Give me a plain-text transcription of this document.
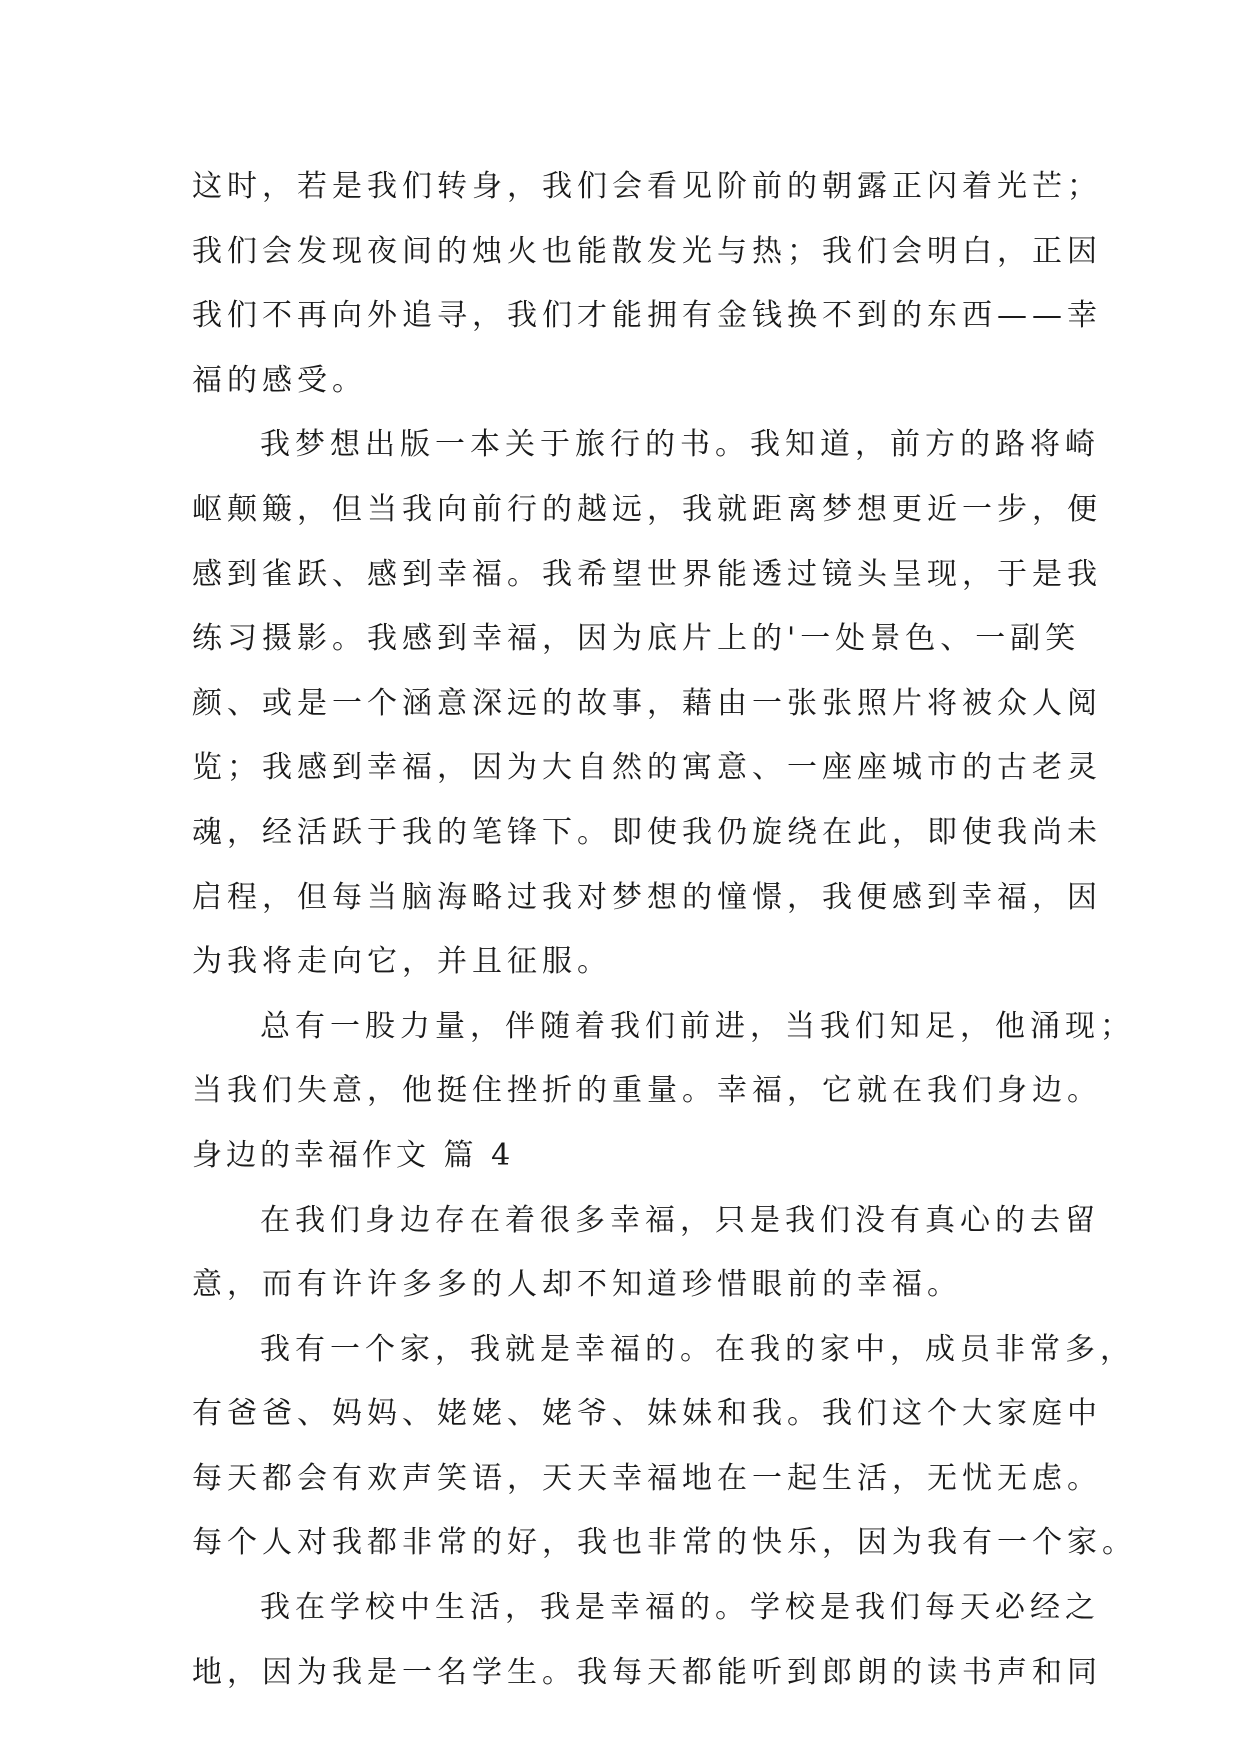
这时，若是我们转身，我们会看见阶前的朝露正闪着光芒；
我们会发现夜间的烛火也能散发光与热；我们会明白，正因
我们不再向外追寻，我们才能拥有金钱换不到的东西——幸
福的感受。
我梦想出版一本关于旅行的书。我知道，前方的路将崎
岖颠簸，但当我向前行的越远，我就距离梦想更近一步，便
感到雀跃、感到幸福。我希望世界能透过镜头呈现，于是我
练习摄影。我感到幸福，因为底片上的'一处景色、一副笑
颜、或是一个涵意深远的故事，藉由一张张照片将被众人阅
览；我感到幸福，因为大自然的寓意、一座座城市的古老灵
魂，经活跃于我的笔锋下。即使我仍旋绕在此，即使我尚未
启程，但每当脑海略过我对梦想的憧憬，我便感到幸福，因
为我将走向它，并且征服。
总有一股力量，伴随着我们前进，当我们知足，他涌现；
当我们失意，他挺住挫折的重量。幸福，它就在我们身边。
身边的幸福作文 篇 4
在我们身边存在着很多幸福，只是我们没有真心的去留
意，而有许许多多的人却不知道珍惜眼前的幸福。
我有一个家，我就是幸福的。在我的家中，成员非常多，
有爸爸、妈妈、姥姥、姥爷、妹妹和我。我们这个大家庭中
每天都会有欢声笑语，天天幸福地在一起生活，无忧无虑。
每个人对我都非常的好，我也非常的快乐，因为我有一个家。
我在学校中生活，我是幸福的。学校是我们每天必经之
地，因为我是一名学生。我每天都能听到郎朗的读书声和同
